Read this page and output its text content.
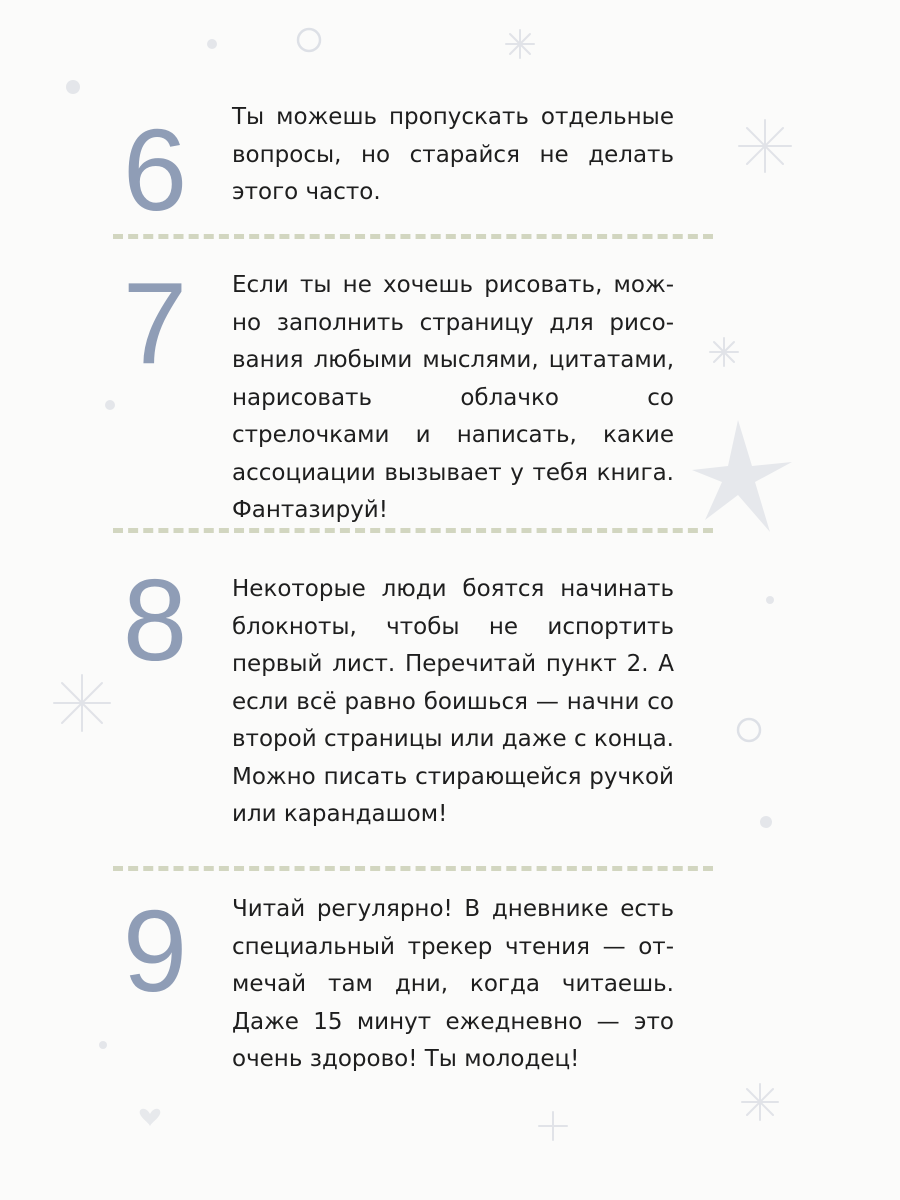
6	Ты можешь пропускать отдельные вопросы, но старайся не делать этого часто.
7	Если ты не хочешь рисовать, можно заполнить страницу для рисования любыми мыслями, цитатами, нарисовать облачко со стрелочками и написать, какие ассоциации вызывает у тебя книга. Фантазируй!
8	Некоторые люди боятся начинать блокноты, чтобы не испортить первый лист. Перечитай пункт 2. А если всё равно боишься — начни со второй страницы или даже с конца. Можно писать стирающейся ручкой или карандашом!
9	Читай регулярно! В дневнике есть специальный трекер чтения — отмечай там дни, когда читаешь. Даже 15 минут ежедневно — это очень здорово! Ты молодец!
